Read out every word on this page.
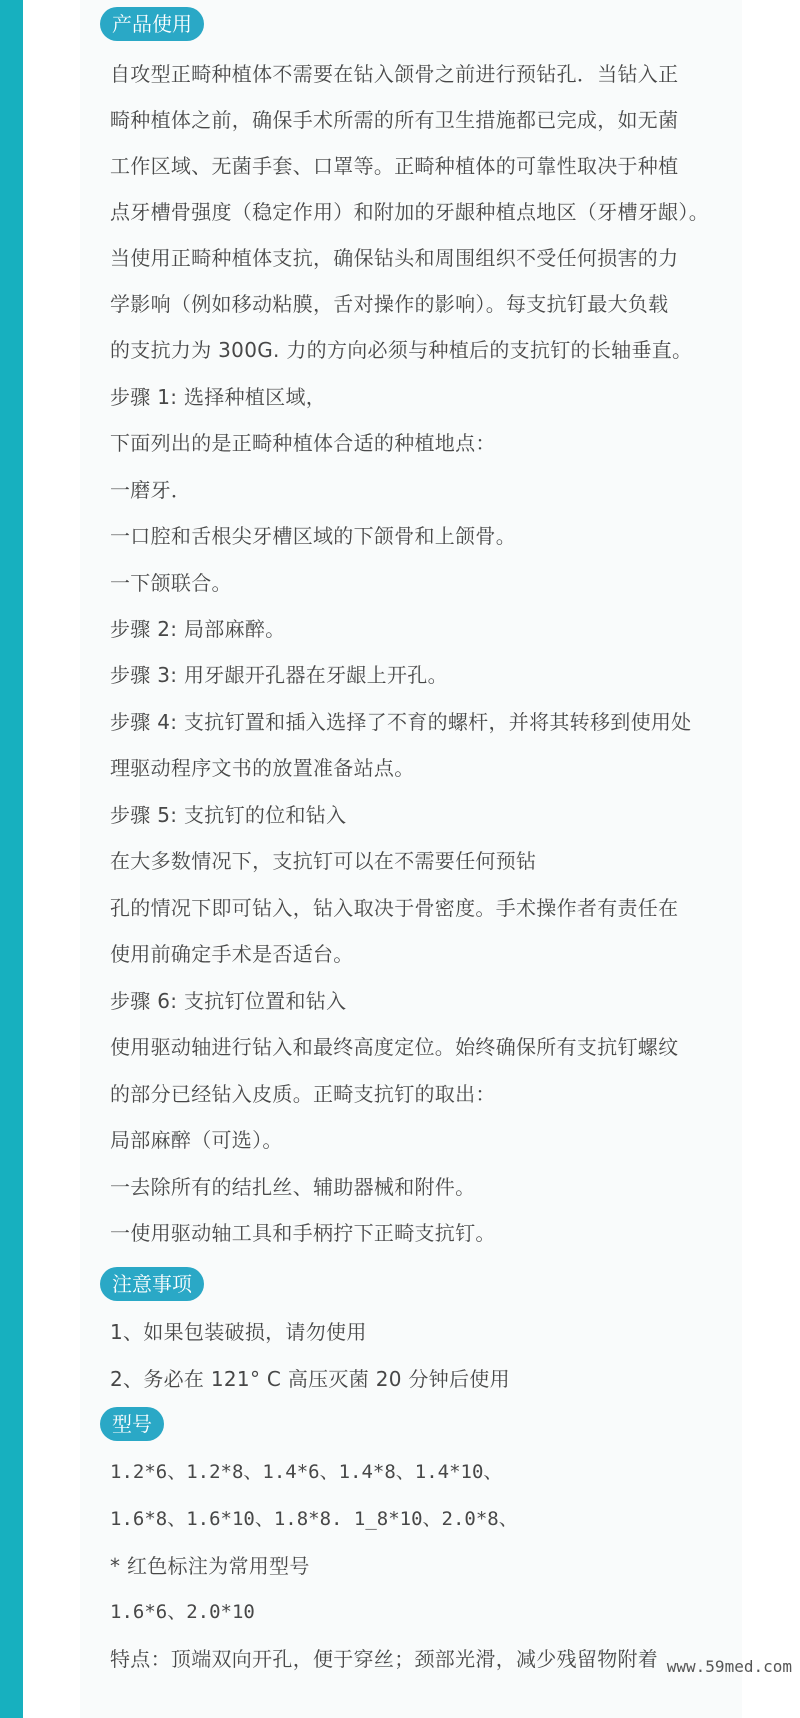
产品使用
自攻型正畸种植体不需要在钻入颌骨之前进行预钻孔．当钻入正
畸种植体之前，确保手术所需的所有卫生措施都已完成，如无菌
工作区域、无菌手套、口罩等。正畸种植体的可靠性取决于种植
点牙槽骨强度（稳定作用）和附加的牙龈种植点地区（牙槽牙龈）。
当使用正畸种植体支抗，确保钻头和周围组织不受任何损害的力
学影响（例如移动粘膜，舌对操作的影响）。每支抗钉最大负载
的支抗力为 300G. 力的方向必须与种植后的支抗钉的长轴垂直。
步骤 1: 选择种植区域，
下面列出的是正畸种植体合适的种植地点：
一磨牙．
一口腔和舌根尖牙槽区域的下颌骨和上颌骨。
一下颌联合。
步骤 2: 局部麻醉。
步骤 3: 用牙龈开孔器在牙龈上开孔。
步骤 4: 支抗钉置和插入选择了不育的螺杆，并将其转移到使用处
理驱动程序文书的放置准备站点。
步骤 5: 支抗钉的位和钻入
在大多数情况下，支抗钉可以在不需要任何预钻
孔的情况下即可钻入，钻入取决于骨密度。手术操作者有责任在
使用前确定手术是否适台。
步骤 6: 支抗钉位置和钻入
使用驱动轴进行钻入和最终高度定位。始终确保所有支抗钉螺纹
的部分已经钻入皮质。正畸支抗钉的取出：
局部麻醉（可选）。
一去除所有的结扎丝、辅助器械和附件。
一使用驱动轴工具和手柄拧下正畸支抗钉。
注意事项
1、如果包装破损，请勿使用
2、务必在 121° C 高压灭菌 20 分钟后使用
型号
1.2*6、1.2*8、1.4*6、1.4*8、1.4*10、
1.6*8、1.6*10、1.8*8. 1_8*10、2.0*8、
* 红色标注为常用型号
1.6*6、2.0*10
特点：顶端双向开孔，便于穿丝；颈部光滑，减少残留物附着 www.59med.com
